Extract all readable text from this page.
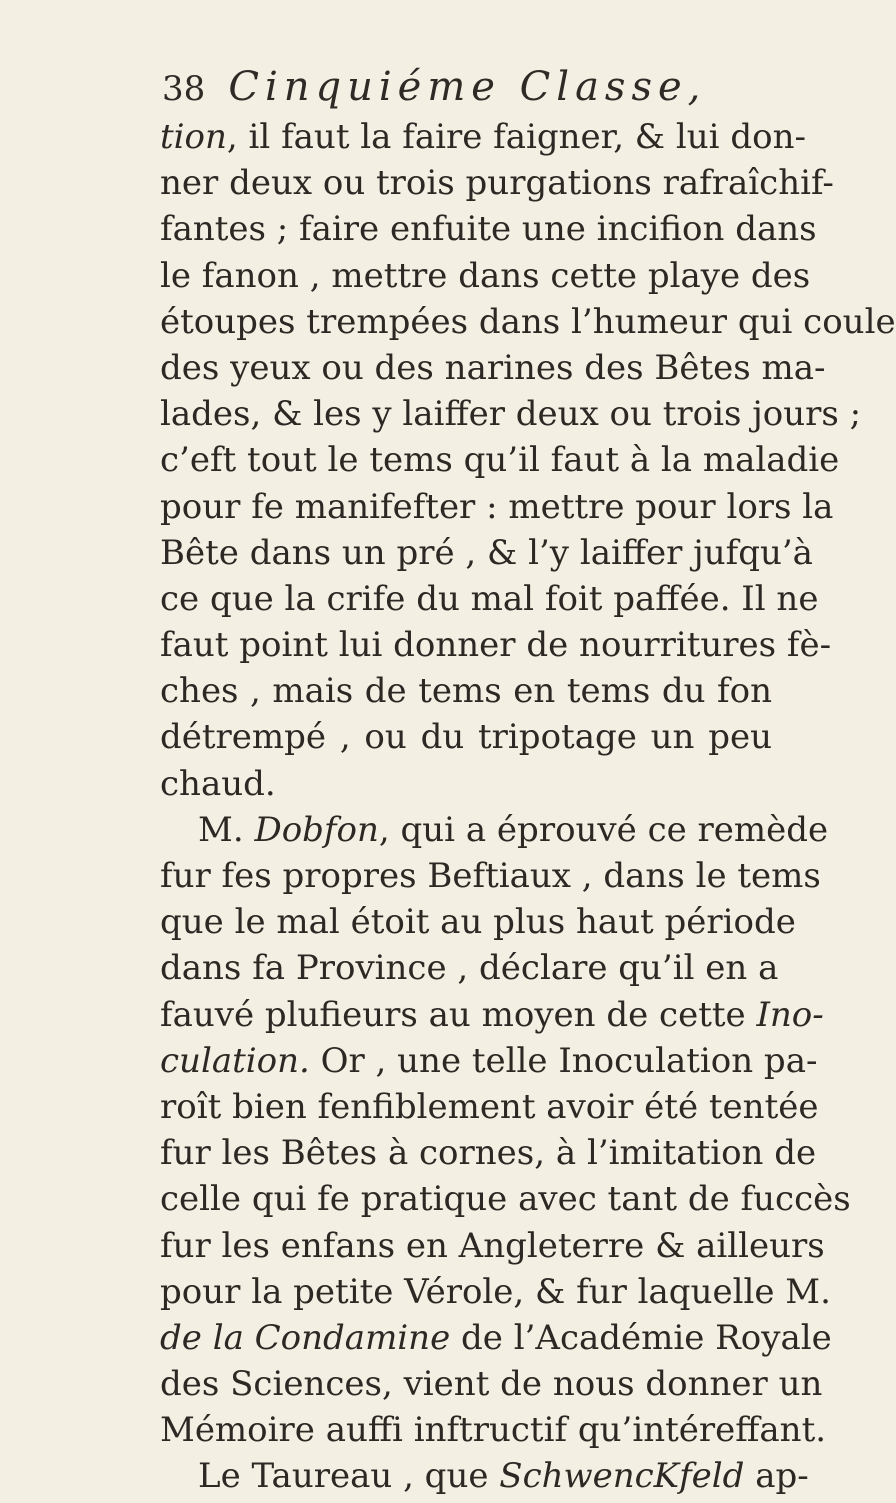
38 Cinquiéme Classe,
tion, il faut la faire faigner, & lui don-
ner deux ou trois purgations rafraîchif-
fantes ; faire enfuite une incifion dans
le fanon , mettre dans cette playe des
étoupes trempées dans l’humeur qui coule
des yeux ou des narines des Bêtes ma-
lades, & les y laiffer deux ou trois jours ;
c’eft tout le tems qu’il faut à la maladie
pour fe manifefter : mettre pour lors la
Bête dans un pré , & l’y laiffer jufqu’à
ce que la crife du mal foit paffée. Il ne
faut point lui donner de nourritures fè-
ches , mais de tems en tems du fon
détrempé , ou du tripotage un peu
chaud.
M. Dobfon, qui a éprouvé ce remède
fur fes propres Beftiaux , dans le tems
que le mal étoit au plus haut période
dans fa Province , déclare qu’il en a
fauvé plufieurs au moyen de cette Ino-
culation. Or , une telle Inoculation pa-
roît bien fenfiblement avoir été tentée
fur les Bêtes à cornes, à l’imitation de
celle qui fe pratique avec tant de fuccès
fur les enfans en Angleterre & ailleurs
pour la petite Vérole, & fur laquelle M.
de la Condamine de l’Académie Royale
des Sciences, vient de nous donner un
Mémoire auffi inftructif qu’intéreffant.
Le Taureau , que SchwencKfeld ap-
